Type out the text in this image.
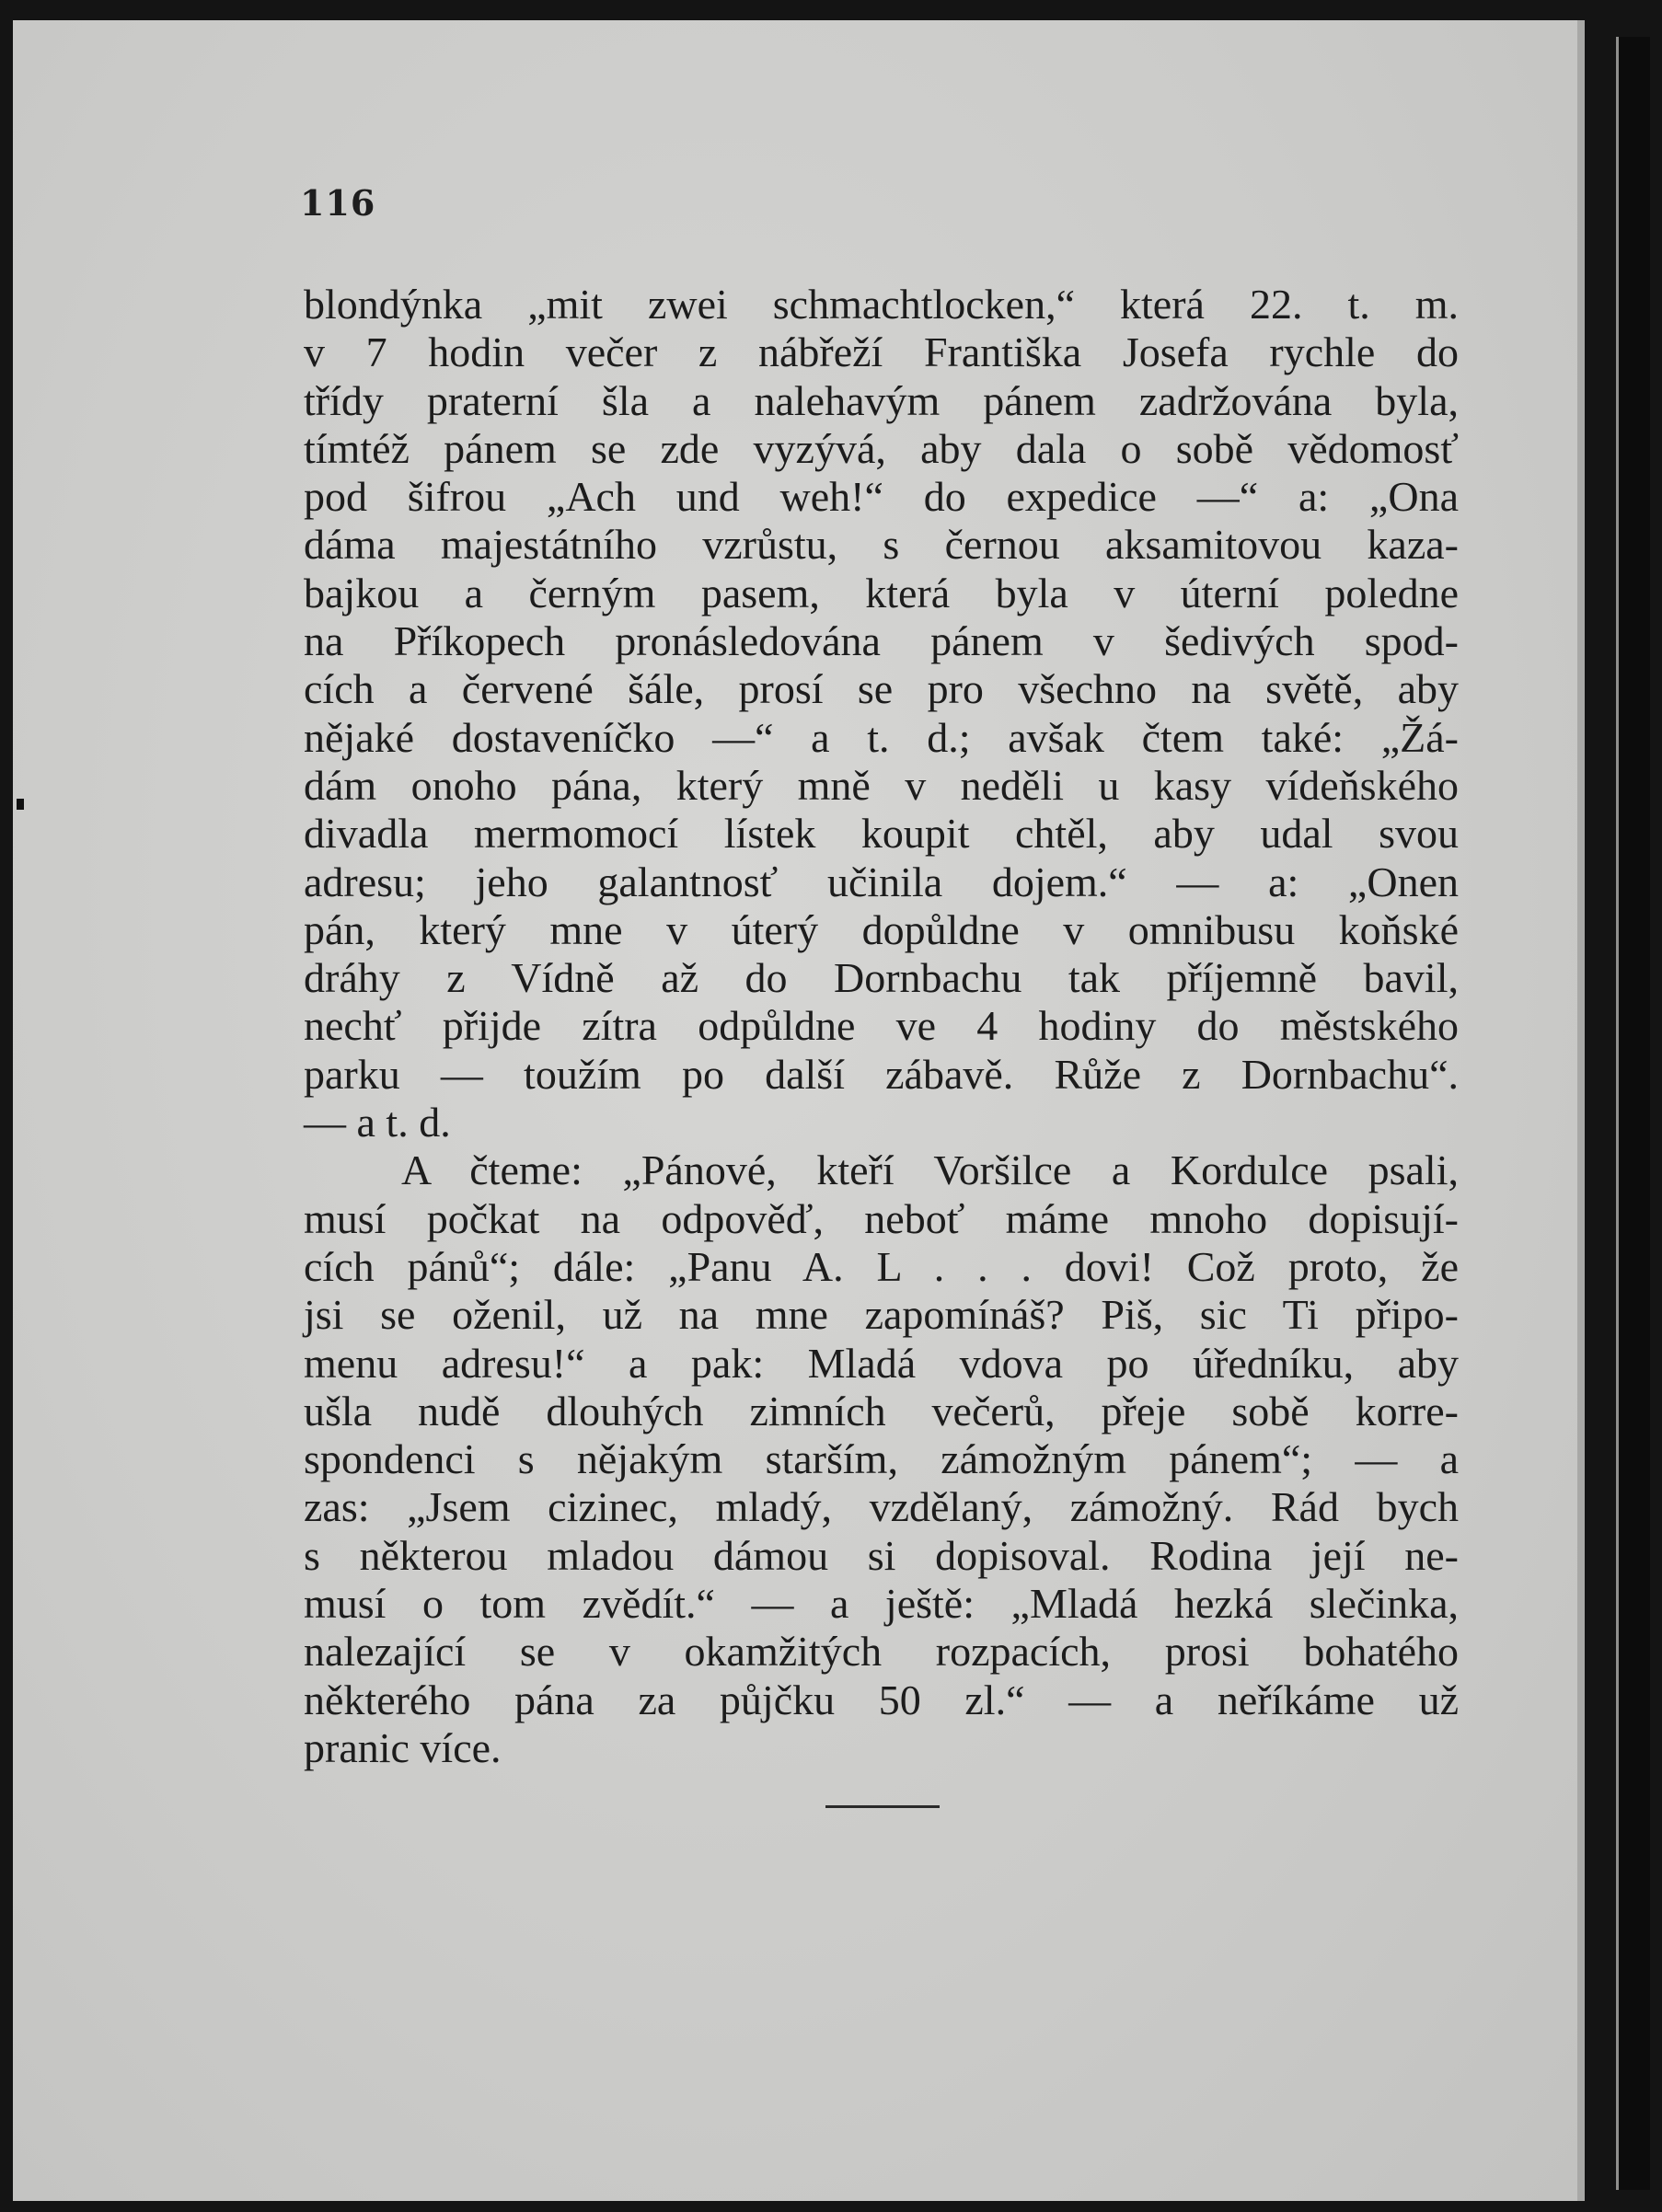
116
blondýnka „mit zwei schmachtlocken,“ která 22. t. m.
v 7 hodin večer z nábřeží Františka Josefa rychle do
třídy praterní šla a nalehavým pánem zadržována byla,
tímtéž pánem se zde vyzývá, aby dala o sobě vědomosť
pod šifrou „Ach und weh!“ do expedice —“ a: „Ona
dáma majestátního vzrůstu, s černou aksamitovou kaza-
bajkou a černým pasem, která byla v úterní poledne
na Příkopech pronásledována pánem v šedivých spod-
cích a červené šále, prosí se pro všechno na světě, aby
nějaké dostaveníčko —“ a t. d.; avšak čtem také: „Žá-
dám onoho pána, který mně v neděli u kasy vídeňského
divadla mermomocí lístek koupit chtěl, aby udal svou
adresu; jeho galantnosť učinila dojem.“ — a: „Onen
pán, který mne v úterý dopůldne v omnibusu koňské
dráhy z Vídně až do Dornbachu tak příjemně bavil,
nechť přijde zítra odpůldne ve 4 hodiny do městského
parku — toužím po další zábavě. Růže z Dornbachu“.
— a t. d.
A čteme: „Pánové, kteří Voršilce a Kordulce psali,
musí počkat na odpověď, neboť máme mnoho dopisují-
cích pánů“; dále: „Panu A. L . . . dovi! Což proto, že
jsi se oženil, už na mne zapomínáš? Piš, sic Ti připo-
menu adresu!“ a pak: Mladá vdova po úředníku, aby
ušla nudě dlouhých zimních večerů, přeje sobě korre-
spondenci s nějakým starším, zámožným pánem“; — a
zas: „Jsem cizinec, mladý, vzdělaný, zámožný. Rád bych
s některou mladou dámou si dopisoval. Rodina její ne-
musí o tom zvědít.“ — a ještě: „Mladá hezká slečinka,
nalezající se v okamžitých rozpacích, prosi bohatého
některého pána za půjčku 50 zl.“ — a neříkáme už
pranic více.
